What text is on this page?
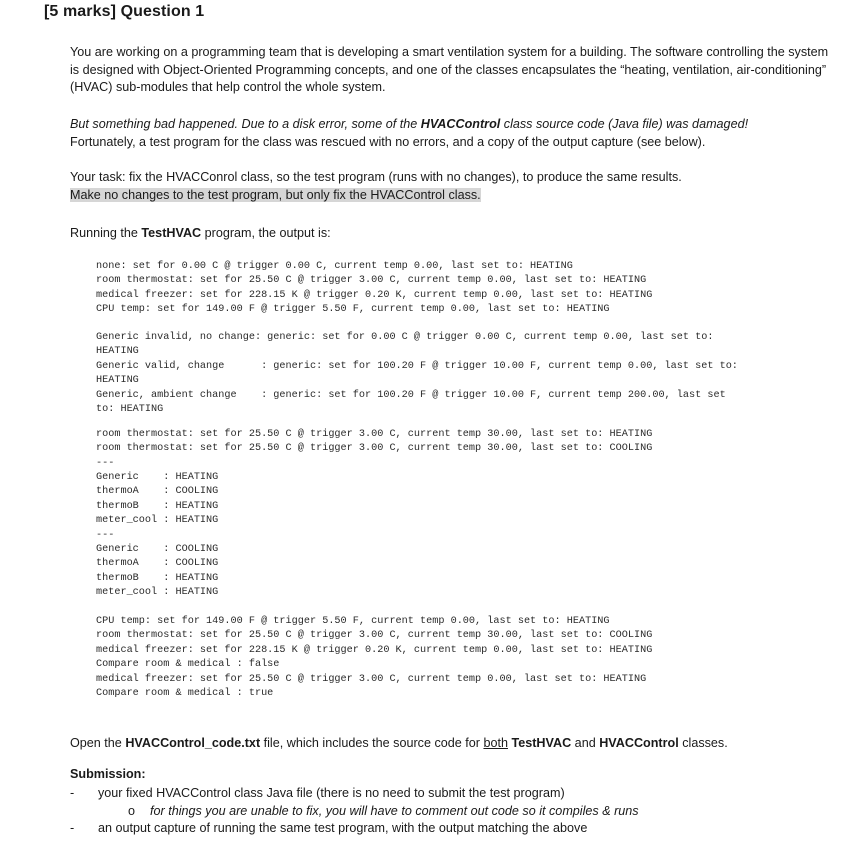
[5 marks] Question 1
You are working on a programming team that is developing a smart ventilation system for a building. The software controlling the system is designed with Object-Oriented Programming concepts, and one of the classes encapsulates the “heating, ventilation, air-conditioning” (HVAC) sub-modules that help control the whole system.
But something bad happened. Due to a disk error, some of the HVACControl class source code (Java file) was damaged!
Fortunately, a test program for the class was rescued with no errors, and a copy of the output capture (see below).
Your task: fix the HVACConrol class, so the test program (runs with no changes), to produce the same results.
Make no changes to the test program, but only fix the HVACControl class.
Running the TestHVAC program, the output is:
none: set for 0.00 C @ trigger 0.00 C, current temp 0.00, last set to: HEATING
room thermostat: set for 25.50 C @ trigger 3.00 C, current temp 0.00, last set to: HEATING
medical freezer: set for 228.15 K @ trigger 0.20 K, current temp 0.00, last set to: HEATING
CPU temp: set for 149.00 F @ trigger 5.50 F, current temp 0.00, last set to: HEATING
Generic invalid, no change: generic: set for 0.00 C @ trigger 0.00 C, current temp 0.00, last set to:
HEATING
Generic valid, change      : generic: set for 100.20 F @ trigger 10.00 F, current temp 0.00, last set to:
HEATING
Generic, ambient change    : generic: set for 100.20 F @ trigger 10.00 F, current temp 200.00, last set
to: HEATING
room thermostat: set for 25.50 C @ trigger 3.00 C, current temp 30.00, last set to: HEATING
room thermostat: set for 25.50 C @ trigger 3.00 C, current temp 30.00, last set to: COOLING
---
Generic    : HEATING
thermoA    : COOLING
thermoB    : HEATING
meter_cool : HEATING
---
Generic    : COOLING
thermoA    : COOLING
thermoB    : HEATING
meter_cool : HEATING
CPU temp: set for 149.00 F @ trigger 5.50 F, current temp 0.00, last set to: HEATING
room thermostat: set for 25.50 C @ trigger 3.00 C, current temp 30.00, last set to: COOLING
medical freezer: set for 228.15 K @ trigger 0.20 K, current temp 0.00, last set to: HEATING
Compare room & medical : false
medical freezer: set for 25.50 C @ trigger 3.00 C, current temp 0.00, last set to: HEATING
Compare room & medical : true
Open the HVACControl_code.txt file, which includes the source code for both TestHVAC and HVACControl classes.
Submission:
- your fixed HVACControl class Java file (there is no need to submit the test program)
o for things you are unable to fix, you will have to comment out code so it compiles & runs
- an output capture of running the same test program, with the output matching the above
